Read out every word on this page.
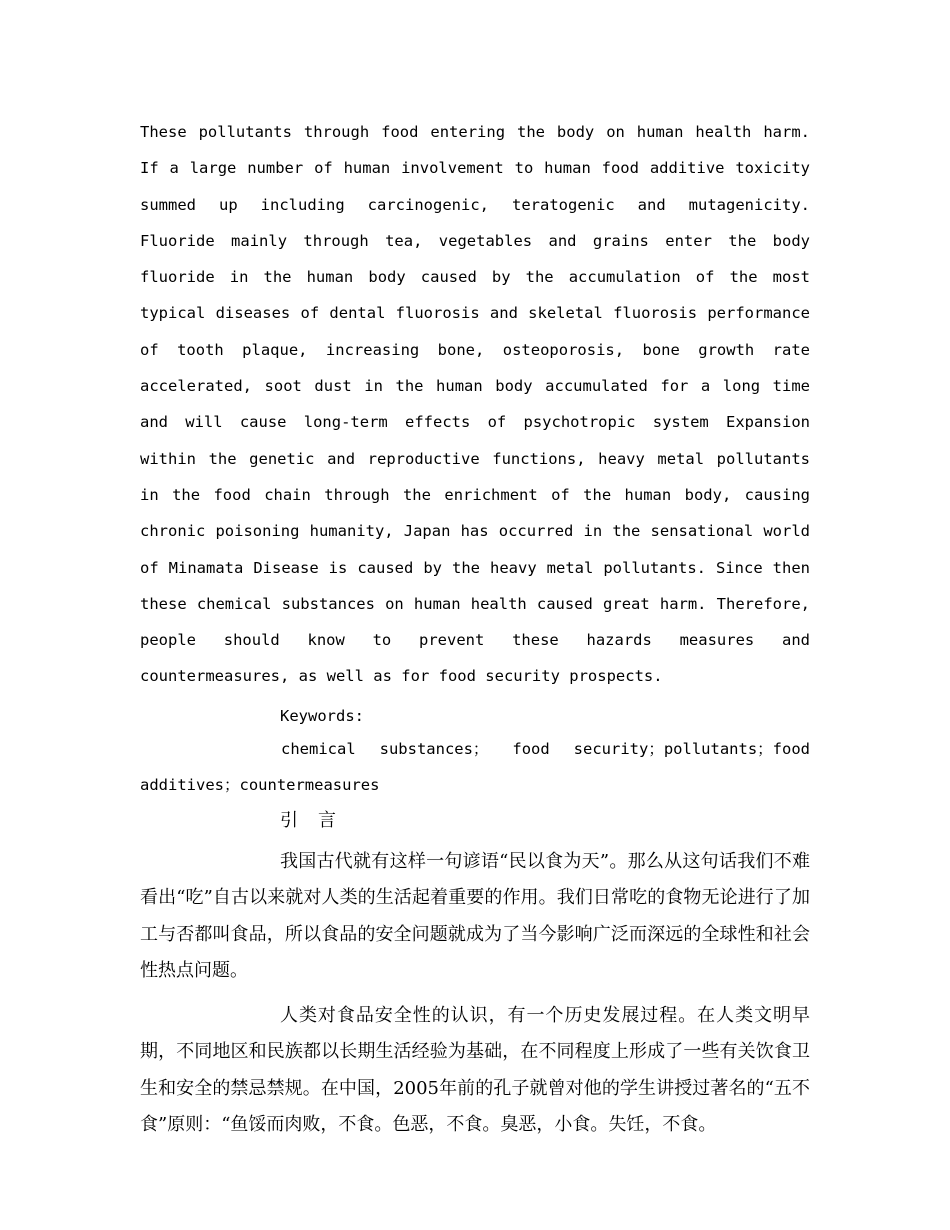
These pollutants through food entering the body on human health harm. If a large number of human involvement to human food additive toxicity summed up including carcinogenic, teratogenic and mutagenicity. Fluoride mainly through tea, vegetables and grains enter the body fluoride in the human body caused by the accumulation of the most typical diseases of dental fluorosis and skeletal fluorosis performance of tooth plaque, increasing bone, osteoporosis, bone growth rate accelerated, soot dust in the human body accumulated for a long time and will cause long-term effects of psychotropic system Expansion within the genetic and reproductive functions, heavy metal pollutants in the food chain through the enrichment of the human body, causing chronic poisoning humanity, Japan has occurred in the sensational world of Minamata Disease is caused by the heavy metal pollutants. Since then these chemical substances on human health caused great harm. Therefore, people should know to prevent these hazards measures and countermeasures, as well as for food security prospects.

Keywords:

chemical substances； food security；pollutants；food additives；countermeasures

引言

我国古代就有这样一句谚语“民以食为天”。那么从这句话我们不难看出“吃”自古以来就对人类的生活起着重要的作用。我们日常吃的食物无论进行了加工与否都叫食品，所以食品的安全问题就成为了当今影响广泛而深远的全球性和社会性热点问题。

人类对食品安全性的认识，有一个历史发展过程。在人类文明早期，不同地区和民族都以长期生活经验为基础，在不同程度上形成了一些有关饮食卫生和安全的禁忌禁规。在中国，2005年前的孔子就曾对他的学生讲授过著名的“五不食”原则：“鱼馁而肉败，不食。色恶，不食。臭恶，小食。失饪，不食。
